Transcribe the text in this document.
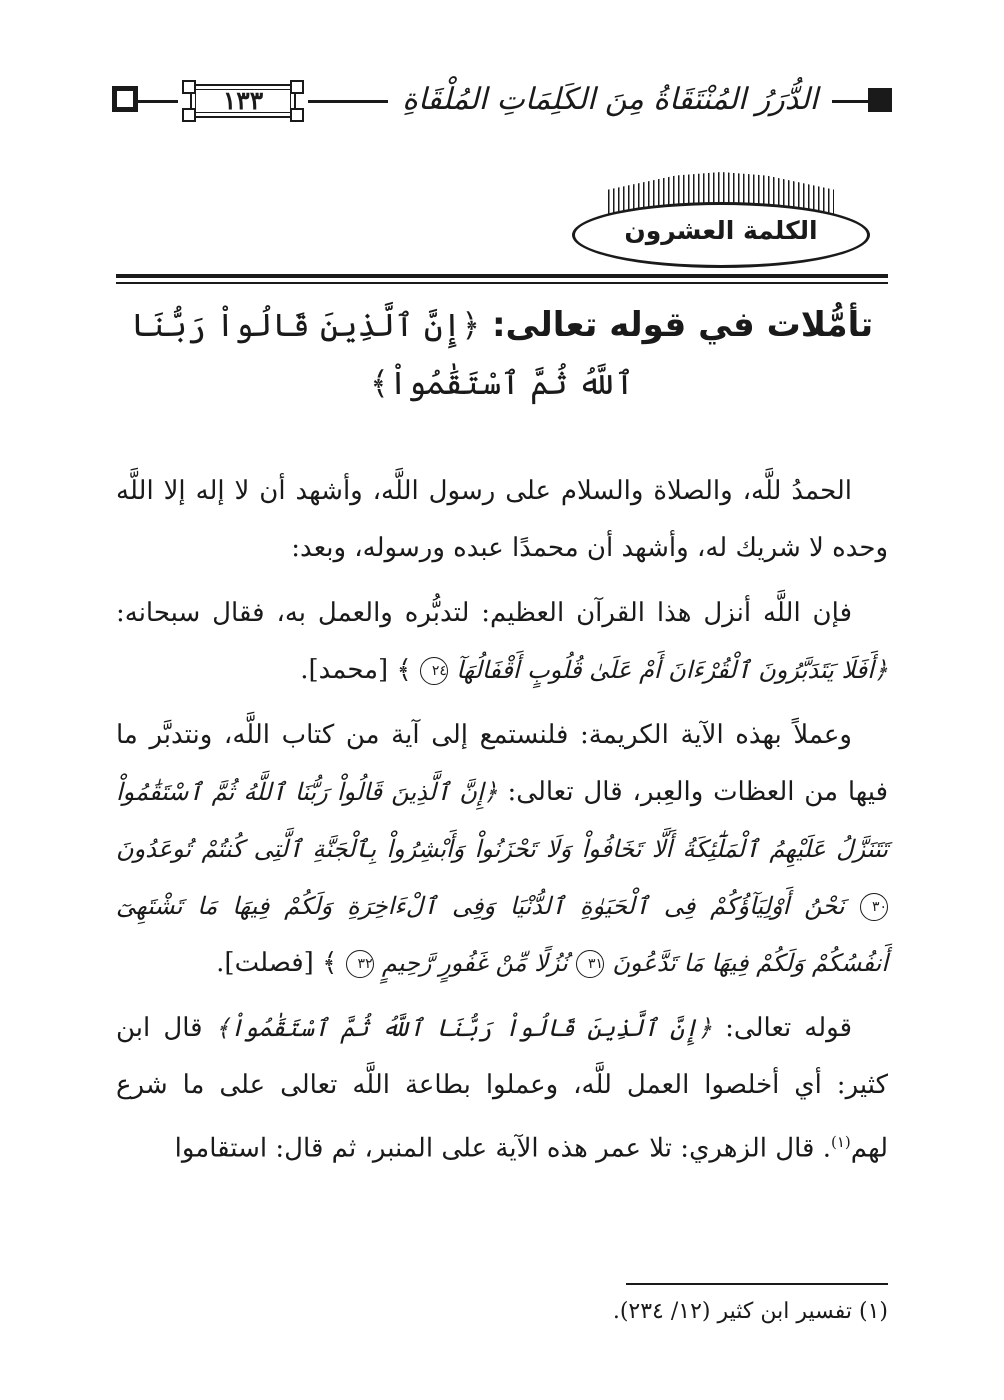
١٣٣	الدُّرَرُ المُنْتَقَاةُ مِنَ الكَلِمَاتِ المُلْقَاةِ
الكلمة العشرون
تأمُّلات في قوله تعالى: ﴿إِنَّ ٱلَّذِينَ قَالُواْ رَبُّنَا ٱللَّهُ ثُمَّ ٱسْتَقَٰمُواْ﴾

الحمدُ للَّه، والصلاة والسلام على رسول اللَّه، وأشهد أن لا إله إلا اللَّه وحده لا شريك له، وأشهد أن محمدًا عبده ورسوله، وبعد:

فإن اللَّه أنزل هذا القرآن العظيم: لتدبُّره والعمل به، فقال سبحانه: ﴿أَفَلَا يَتَدَبَّرُونَ ٱلْقُرْءَانَ أَمْ عَلَىٰ قُلُوبٍ أَقْفَالُهَآ ٢٤ ﴾ [محمد].

وعملاً بهذه الآية الكريمة: فلنستمع إلى آية من كتاب اللَّه، ونتدبَّر ما فيها من العظات والعِبر، قال تعالى: ﴿إِنَّ ٱلَّذِينَ قَالُواْ رَبُّنَا ٱللَّهُ ثُمَّ ٱسْتَقَٰمُواْ تَتَنَزَّلُ عَلَيْهِمُ ٱلْمَلَٰٓئِكَةُ أَلَّا تَخَافُواْ وَلَا تَحْزَنُواْ وَأَبْشِرُواْ بِٱلْجَنَّةِ ٱلَّتِى كُنتُمْ تُوعَدُونَ ٣٠ نَحْنُ أَوْلِيَآؤُكُمْ فِى ٱلْحَيَوٰةِ ٱلدُّنْيَا وَفِى ٱلْءَاخِرَةِ وَلَكُمْ فِيهَا مَا تَشْتَهِىٓ أَنفُسُكُمْ وَلَكُمْ فِيهَا مَا تَدَّعُونَ ٣١ نُزُلًا مِّنْ غَفُورٍ رَّحِيمٍ ٣٢ ﴾ [فصلت].

قوله تعالى: ﴿إِنَّ ٱلَّذِينَ قَالُواْ رَبُّنَا ٱللَّهُ ثُمَّ ٱسْتَقَٰمُواْ﴾ قال ابن كثير: أي أخلصوا العمل للَّه، وعملوا بطاعة اللَّه تعالى على ما شرع لهم$^{(١)}$. قال الزهري: تلا عمر هذه الآية على المنبر، ثم قال: استقاموا

(١) تفسير ابن كثير (١٢/ ٢٣٤).
